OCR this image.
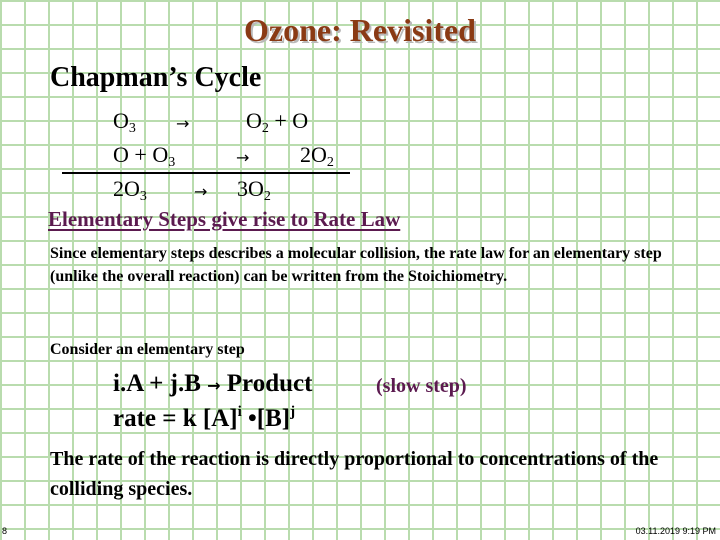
Ozone: Revisited
Chapman’s Cycle
$O_3$	→	$O_2 + O$
$O + O_3$	→ $2O_2$
$2O_3$	→ $3O_2$
Elementary Steps give rise to Rate Law
Since elementary steps describes a molecular collision, the rate law for an elementary step (unlike the overall reaction) can be written from the Stoichiometry.
Consider an elementary step
i.A + j.B → Product	(slow step)
rate = k $[A]^i$ $•[B]^j$
The rate of the reaction is directly proportional to concentrations of the colliding species.
8	03.11.2019 9:19 PM
